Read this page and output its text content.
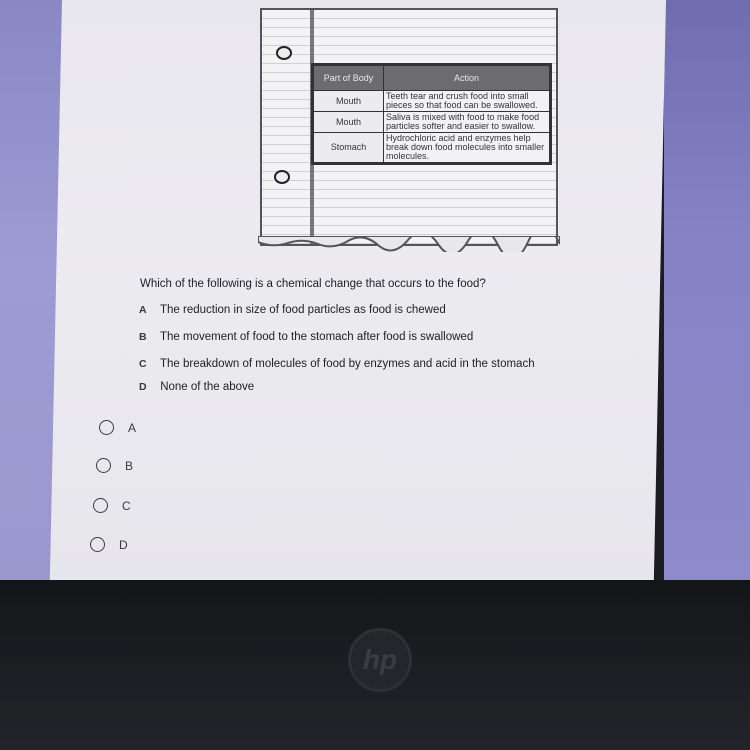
Part of Body	Action
Mouth	Teeth tear and crush food into small pieces so that food can be swallowed.
Mouth	Saliva is mixed with food to make food particles softer and easier to swallow.
Stomach	Hydrochloric acid and enzymes help break down food molecules into smaller molecules.
Which of the following is a chemical change that occurs to the food?
A The reduction in size of food particles as food is chewed
B The movement of food to the stomach after food is swallowed
C The breakdown of molecules of food by enzymes and acid in the stomach
D None of the above
A
B
C
D
hp
